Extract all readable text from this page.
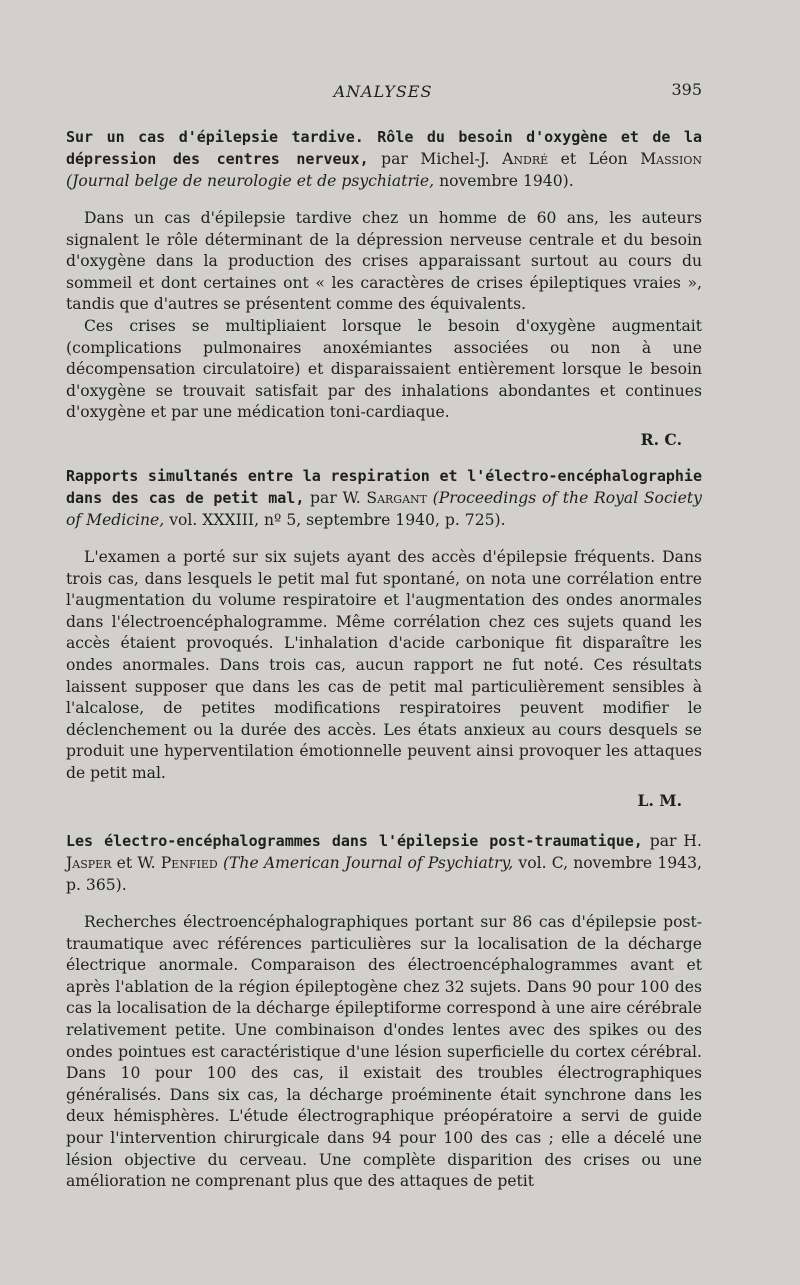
ANALYSES	395

Sur un cas d'épilepsie tardive. Rôle du besoin d'oxygène et de la dépression des centres nerveux, par Michel-J. André et Léon Massion (Journal belge de neurologie et de psychiatrie, novembre 1940).

Dans un cas d'épilepsie tardive chez un homme de 60 ans, les auteurs signalent le rôle déterminant de la dépression nerveuse centrale et du besoin d'oxygène dans la production des crises apparaissant surtout au cours du sommeil et dont certaines ont « les caractères de crises épileptiques vraies », tandis que d'autres se présentent comme des équivalents.

Ces crises se multipliaient lorsque le besoin d'oxygène augmentait (complications pulmonaires anoxémiantes associées ou non à une décompensation circulatoire) et disparaissaient entièrement lorsque le besoin d'oxygène se trouvait satisfait par des inhalations abondantes et continues d'oxygène et par une médication toni-cardiaque.

R. C.

Rapports simultanés entre la respiration et l'électro-encéphalographie dans des cas de petit mal, par W. Sargant (Proceedings of the Royal Society of Medicine, vol. XXXIII, nº 5, septembre 1940, p. 725).

L'examen a porté sur six sujets ayant des accès d'épilepsie fréquents. Dans trois cas, dans lesquels le petit mal fut spontané, on nota une corrélation entre l'augmentation du volume respiratoire et l'augmentation des ondes anormales dans l'électroencéphalogramme. Même corrélation chez ces sujets quand les accès étaient provoqués. L'inhalation d'acide carbonique fit disparaître les ondes anormales. Dans trois cas, aucun rapport ne fut noté. Ces résultats laissent supposer que dans les cas de petit mal particulièrement sensibles à l'alcalose, de petites modifications respiratoires peuvent modifier le déclenchement ou la durée des accès. Les états anxieux au cours desquels se produit une hyperventilation émotionnelle peuvent ainsi provoquer les attaques de petit mal.

L. M.

Les électro-encéphalogrammes dans l'épilepsie post-traumatique, par H. Jasper et W. Penfied (The American Journal of Psychiatry, vol. C, novembre 1943, p. 365).

Recherches électroencéphalographiques portant sur 86 cas d'épilepsie post-traumatique avec références particulières sur la localisation de la décharge électrique anormale. Comparaison des électroencéphalogrammes avant et après l'ablation de la région épileptogène chez 32 sujets. Dans 90 pour 100 des cas la localisation de la décharge épileptiforme correspond à une aire cérébrale relativement petite. Une combinaison d'ondes lentes avec des spikes ou des ondes pointues est caractéristique d'une lésion superficielle du cortex cérébral. Dans 10 pour 100 des cas, il existait des troubles électrographiques généralisés. Dans six cas, la décharge proéminente était synchrone dans les deux hémisphères. L'étude électrographique préopératoire a servi de guide pour l'intervention chirurgicale dans 94 pour 100 des cas ; elle a décelé une lésion objective du cerveau. Une complète disparition des crises ou une amélioration ne comprenant plus que des attaques de petit
